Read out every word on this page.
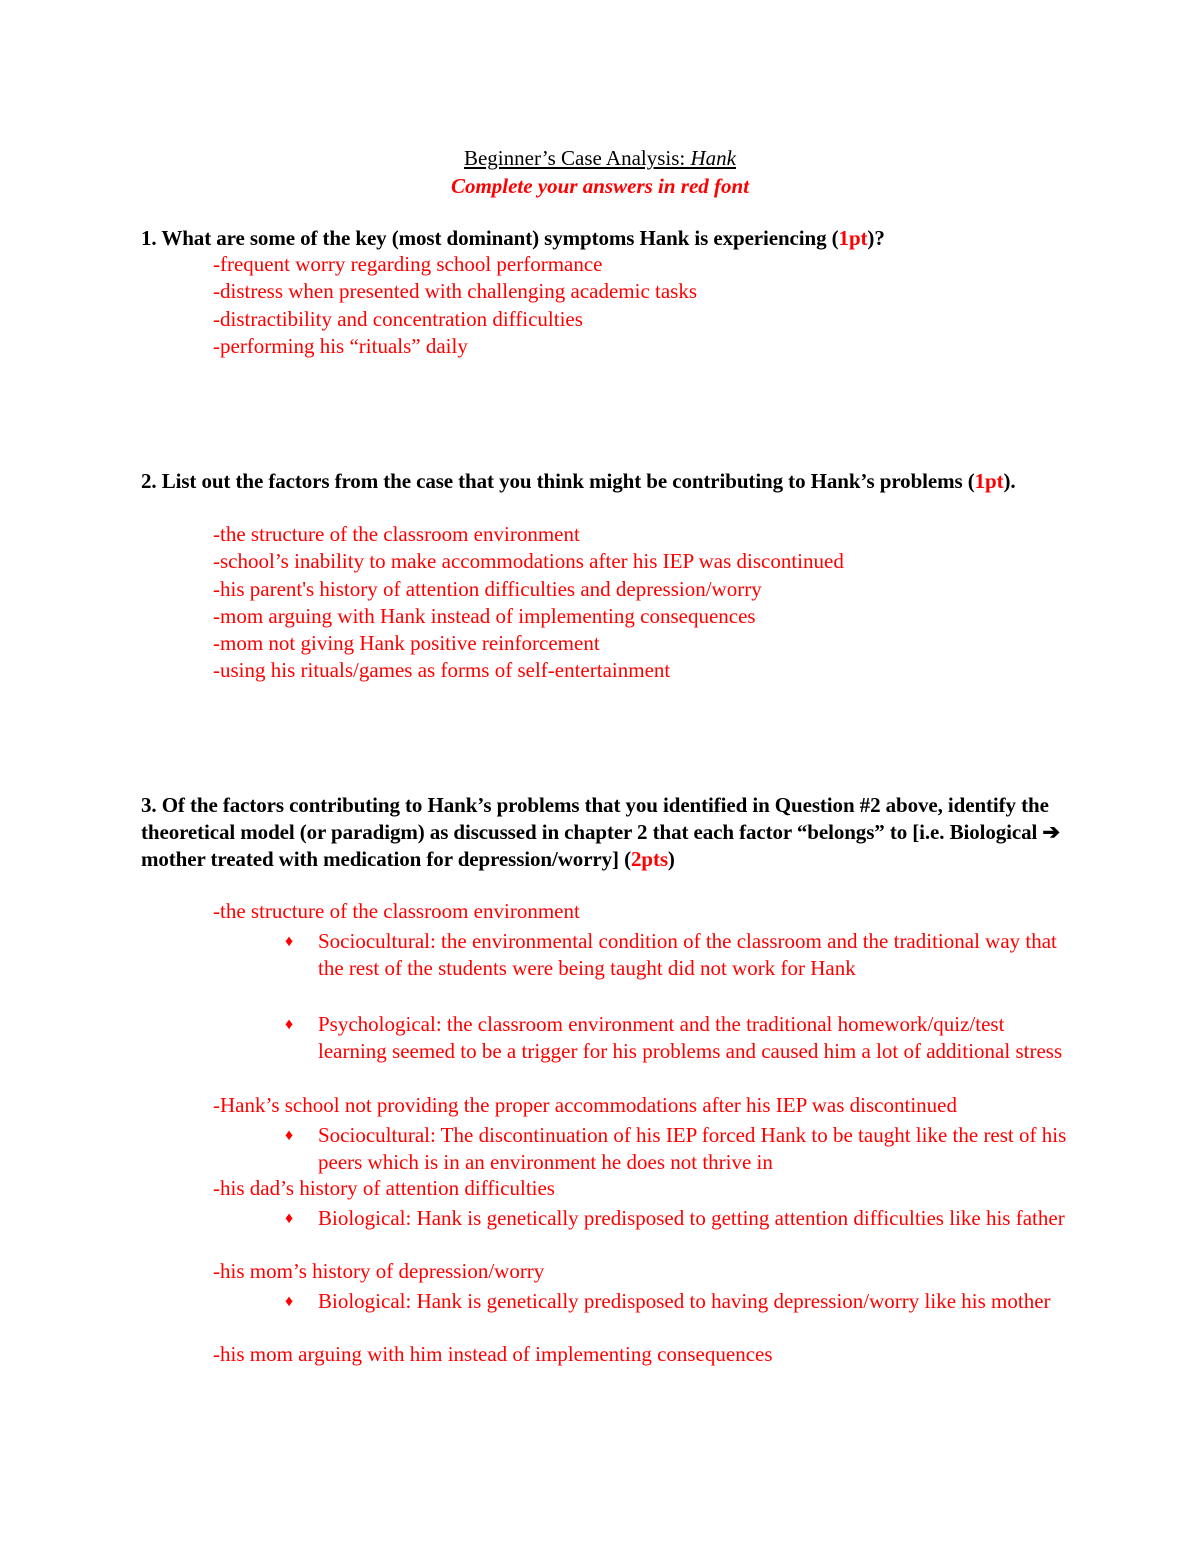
Beginner’s Case Analysis: Hank
Complete your answers in red font
1. What are some of the key (most dominant) symptoms Hank is experiencing (1pt)?
-frequent worry regarding school performance
-distress when presented with challenging academic tasks
-distractibility and concentration difficulties
-performing his “rituals” daily
2. List out the factors from the case that you think might be contributing to Hank’s problems (1pt).
-the structure of the classroom environment
-school’s inability to make accommodations after his IEP was discontinued
-his parent's history of attention difficulties and depression/worry
-mom arguing with Hank instead of implementing consequences
-mom not giving Hank positive reinforcement
-using his rituals/games as forms of self-entertainment
3. Of the factors contributing to Hank’s problems that you identified in Question #2 above, identify the theoretical model (or paradigm) as discussed in chapter 2 that each factor “belongs” to [i.e. Biological ➔ mother treated with medication for depression/worry] (2pts)
-the structure of the classroom environment
♦ Sociocultural: the environmental condition of the classroom and the traditional way that the rest of the students were being taught did not work for Hank
♦ Psychological: the classroom environment and the traditional homework/quiz/test learning seemed to be a trigger for his problems and caused him a lot of additional stress
-Hank’s school not providing the proper accommodations after his IEP was discontinued
♦ Sociocultural: The discontinuation of his IEP forced Hank to be taught like the rest of his peers which is in an environment he does not thrive in
-his dad’s history of attention difficulties
♦ Biological: Hank is genetically predisposed to getting attention difficulties like his father
-his mom’s history of depression/worry
♦ Biological: Hank is genetically predisposed to having depression/worry like his mother
-his mom arguing with him instead of implementing consequences
